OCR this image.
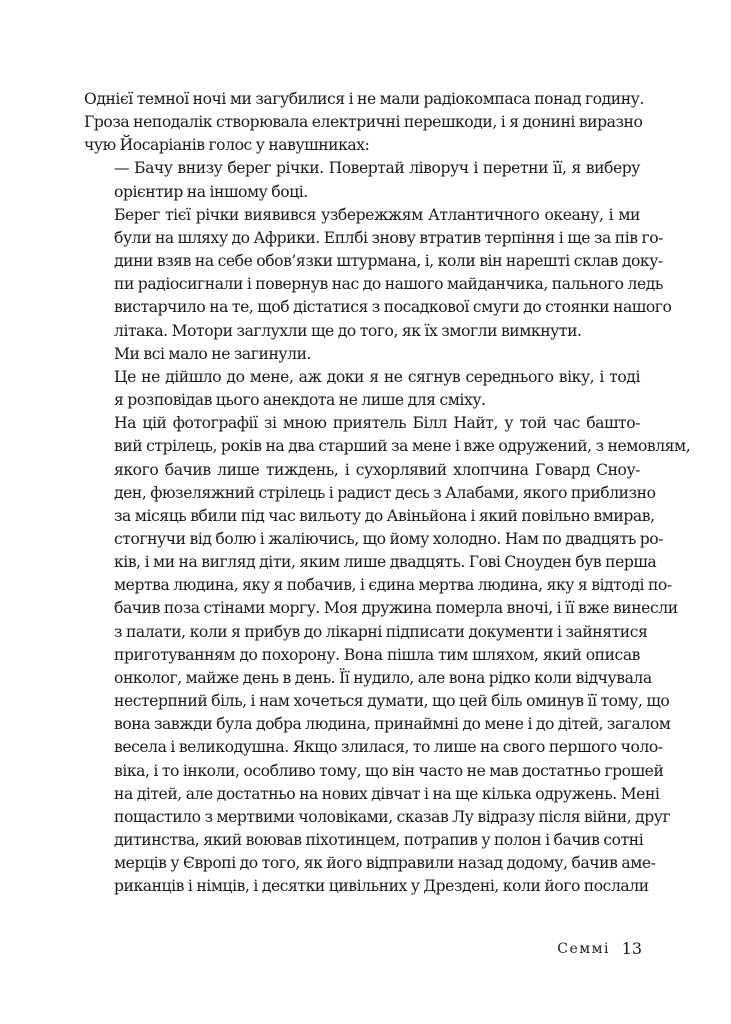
Однієї темної ночі ми загубилися і не мали радіокомпаса понад годину.
Гроза неподалік створювала електричні перешкоди, і я донині виразно
чую Йосаріанів голос у навушниках:

— Бачу внизу берег річки. Повертай ліворуч і перетни її, я виберу
орієнтир на іншому боці.

Берег тієї річки виявився узбережжям Атлантичного океану, і ми
були на шляху до Африки. Еплбі знову втратив терпіння і ще за пів го-
дини взяв на себе обов’язки штурмана, і, коли він нарешті склав доку-
пи радіосигнали і повернув нас до нашого майданчика, пального ледь
вистарчило на те, щоб дістатися з посадкової смуги до стоянки нашого
літака. Мотори заглухли ще до того, як їх змогли вимкнути.

Ми всі мало не загинули.

Це не дійшло до мене, аж доки я не сягнув середнього віку, і тоді
я розповідав цього анекдота не лише для сміху.

На цій фотографії зі мною приятель Білл Найт, у той час башто-
вий стрілець, років на два старший за мене і вже одружений, з немовлям,
якого бачив лише тиждень, і сухорлявий хлопчина Говард Сноу-
ден, фюзеляжний стрілець і радист десь з Алабами, якого приблизно
за місяць вбили під час вильоту до Авіньйона і який повільно вмирав,
стогнучи від болю і жаліючись, що йому холодно. Нам по двадцять ро-
ків, і ми на вигляд діти, яким лише двадцять. Гові Сноуден був перша
мертва людина, яку я побачив, і єдина мертва людина, яку я відтоді по-
бачив поза стінами моргу. Моя дружина померла вночі, і її вже винесли
з палати, коли я прибув до лікарні підписати документи і зайнятися
приготуванням до похорону. Вона пішла тим шляхом, який описав
онколог, майже день в день. Її нудило, але вона рідко коли відчувала
нестерпний біль, і нам хочеться думати, що цей біль оминув її тому, що
вона завжди була добра людина, принаймні до мене і до дітей, загалом
весела і великодушна. Якщо злилася, то лише на свого першого чоло-
віка, і то інколи, особливо тому, що він часто не мав достатньо грошей
на дітей, але достатньо на нових дівчат і на ще кілька одружень. Мені
пощастило з мертвими чоловіками, сказав Лу відразу після війни, друг
дитинства, який воював піхотинцем, потрапив у полон і бачив сотні
мерців у Європі до того, як його відправили назад додому, бачив аме-
риканців і німців, і десятки цивільних у Дрездені, коли його послали

Семмі 13
